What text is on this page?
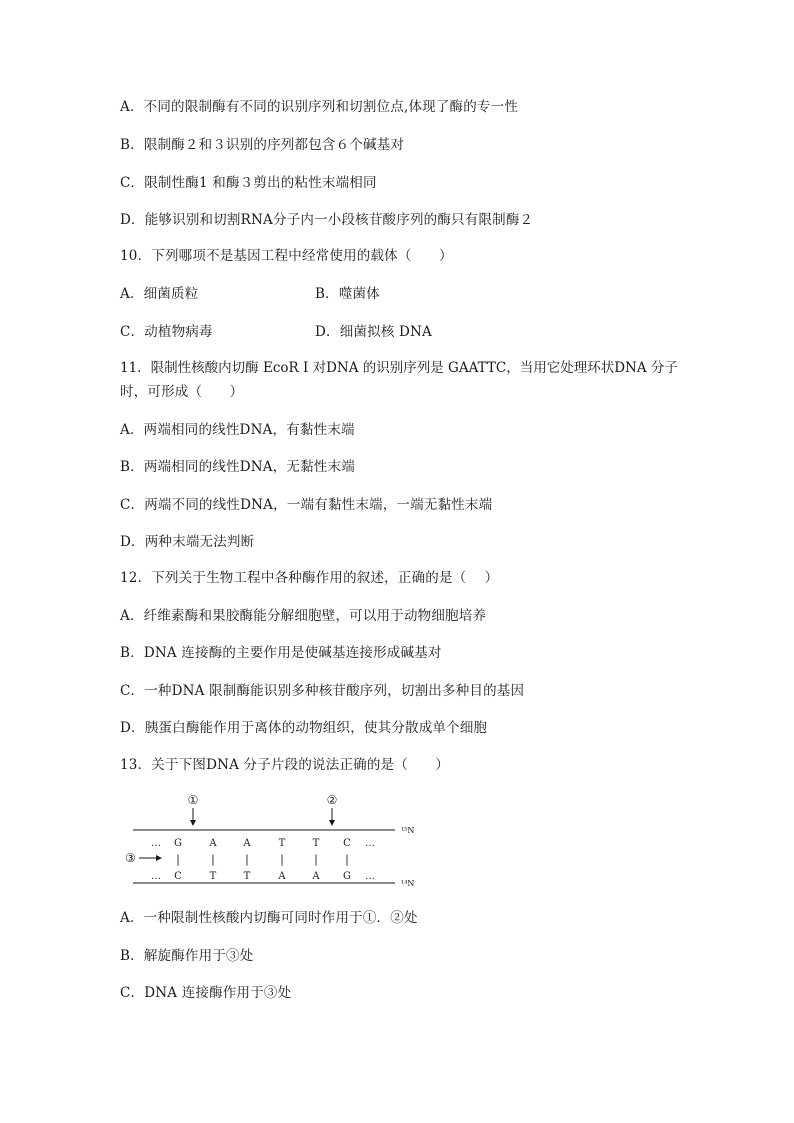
A．不同的限制酶有不同的识别序列和切割位点,体现了酶的专一性
B．限制酶２和３识别的序列都包含６个碱基对
C．限制性酶1 和酶３剪出的粘性末端相同
D．能够识别和切割RNA分子内一小段核苷酸序列的酶只有限制酶２
10．下列哪项不是基因工程中经常使用的载体（　　）
A．细菌质粒	B．噬菌体
C．动植物病毒	D．细菌拟核 DNA
11．限制性核酸内切酶 EcoR I 对DNA 的识别序列是 GAATTC，当用它处理环状DNA 分子
时，可形成（　　）
A．两端相同的线性DNA，有黏性末端
B．两端相同的线性DNA，无黏性末端
C．两端不同的线性DNA，一端有黏性末端，一端无黏性末端
D．两种末端无法判断
12．下列关于生物工程中各种酶作用的叙述，正确的是（　 ）
A．纤维素酶和果胶酶能分解细胞壁，可以用于动物细胞培养
B．DNA 连接酶的主要作用是使碱基连接形成碱基对
C．一种DNA 限制酶能识别多种核苷酸序列，切割出多种目的基因
D．胰蛋白酶能作用于离体的动物组织，使其分散成单个细胞
13．关于下图DNA 分子片段的说法正确的是（　　）
①	②
¹⁵N
… G	A	A	T	T C …
③	|	|	|	|	| |
… C	T	T	A	A G …
¹⁴N
A．一种限制性核酸内切酶可同时作用于①．②处
B．解旋酶作用于③处
C．DNA 连接酶作用于③处
